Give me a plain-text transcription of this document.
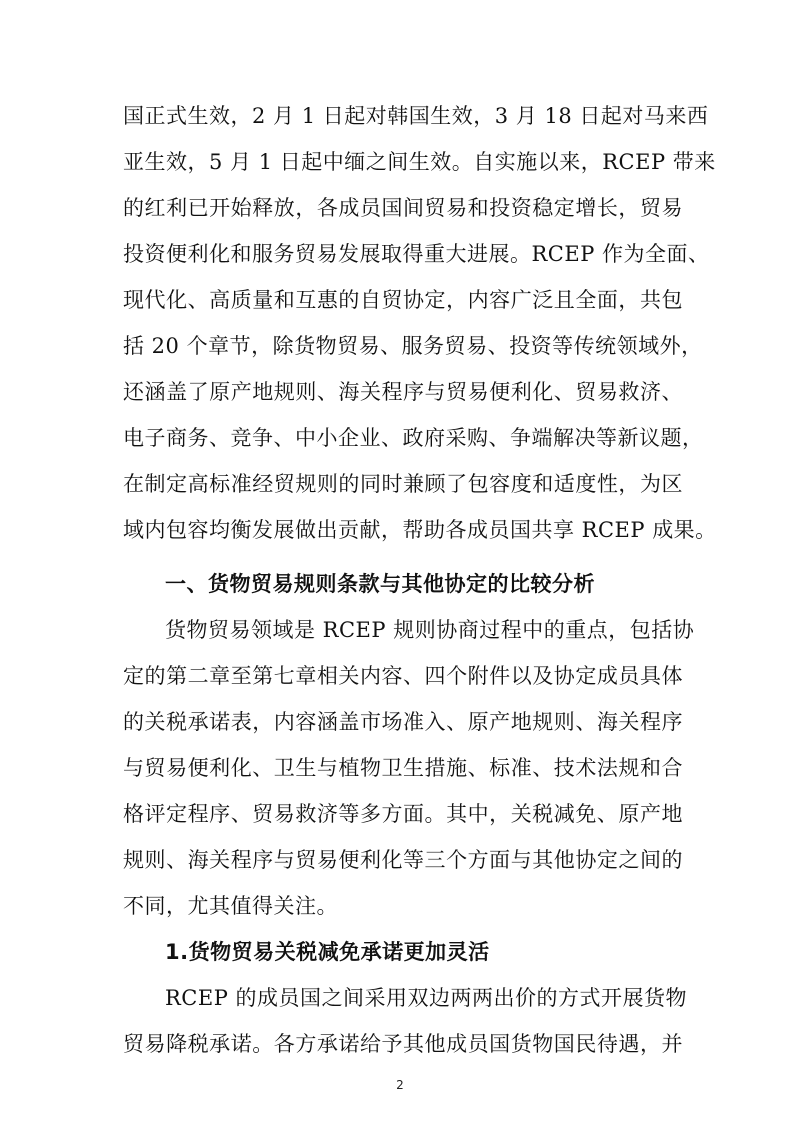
国正式生效，2 月 1 日起对韩国生效，3 月 18 日起对马来西
亚生效，5 月 1 日起中缅之间生效。自实施以来，RCEP 带来
的红利已开始释放，各成员国间贸易和投资稳定增长，贸易
投资便利化和服务贸易发展取得重大进展。RCEP 作为全面、
现代化、高质量和互惠的自贸协定，内容广泛且全面，共包
括 20 个章节，除货物贸易、服务贸易、投资等传统领域外，
还涵盖了原产地规则、海关程序与贸易便利化、贸易救济、
电子商务、竞争、中小企业、政府采购、争端解决等新议题，
在制定高标准经贸规则的同时兼顾了包容度和适度性，为区
域内包容均衡发展做出贡献，帮助各成员国共享 RCEP 成果。
一、货物贸易规则条款与其他协定的比较分析
货物贸易领域是 RCEP 规则协商过程中的重点，包括协
定的第二章至第七章相关内容、四个附件以及协定成员具体
的关税承诺表，内容涵盖市场准入、原产地规则、海关程序
与贸易便利化、卫生与植物卫生措施、标准、技术法规和合
格评定程序、贸易救济等多方面。其中，关税减免、原产地
规则、海关程序与贸易便利化等三个方面与其他协定之间的
不同，尤其值得关注。
1.货物贸易关税减免承诺更加灵活
RCEP 的成员国之间采用双边两两出价的方式开展货物
贸易降税承诺。各方承诺给予其他成员国货物国民待遇，并
2
